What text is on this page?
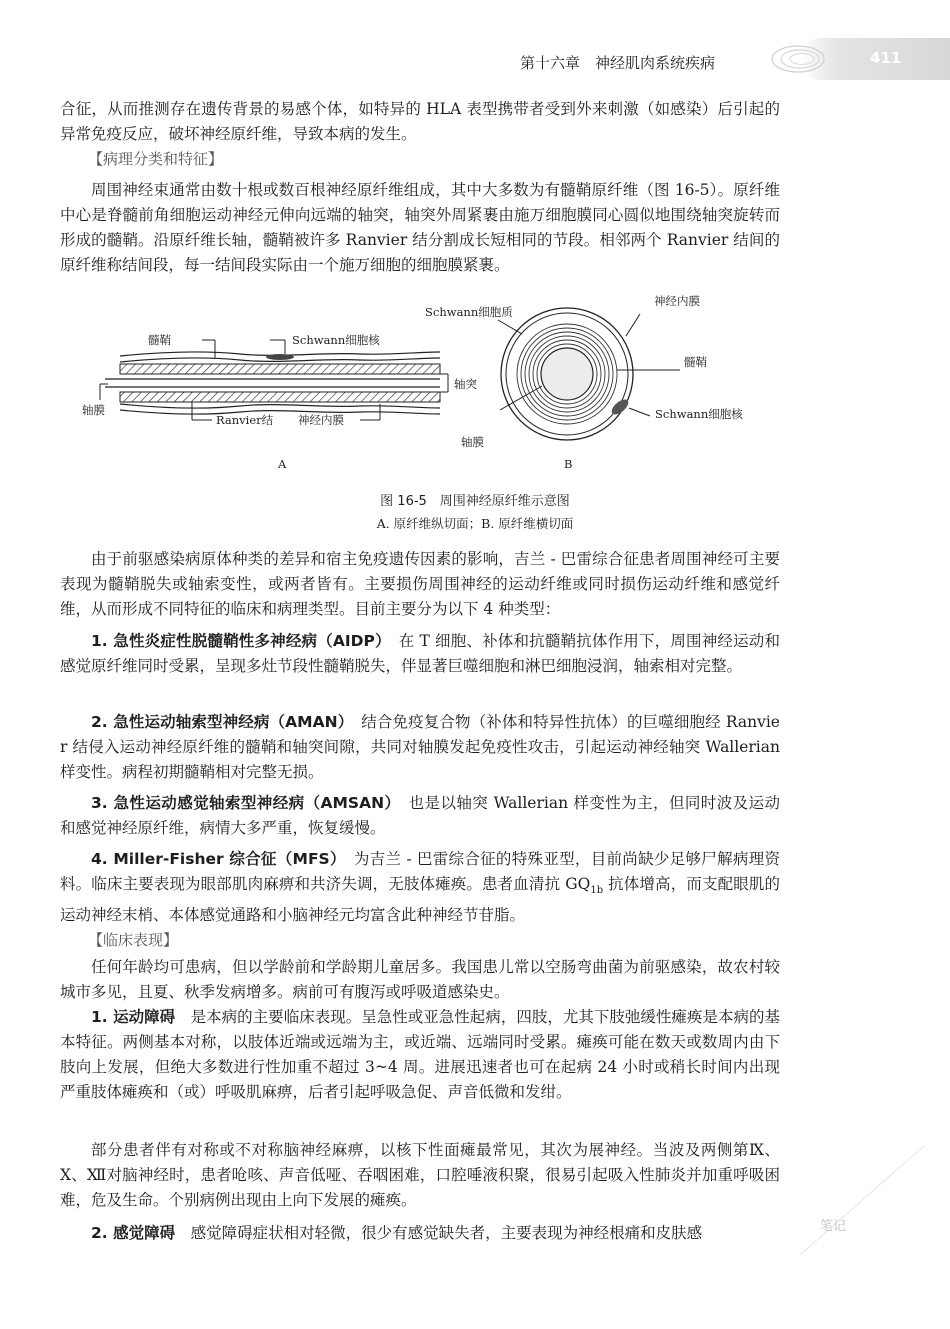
第十六章　神经肌肉系统疾病	411

合征，从而推测存在遗传背景的易感个体，如特异的 HLA 表型携带者受到外来刺激（如感染）后引起的异常免疫反应，破坏神经原纤维，导致本病的发生。

【病理分类和特征】

周围神经束通常由数十根或数百根神经原纤维组成，其中大多数为有髓鞘原纤维（图 16-5）。原纤维中心是脊髓前角细胞运动神经元伸向远端的轴突，轴突外周紧裹由施万细胞膜同心圆似地围绕轴突旋转而形成的髓鞘。沿原纤维长轴，髓鞘被许多 Ranvier 结分割成长短相同的节段。相邻两个 Ranvier 结间的原纤维称结间段，每一结间段实际由一个施万细胞的细胞膜紧裹。

髓鞘	Schwann细胞核
轴突
轴膜
Ranvier结 神经内膜
A
Schwann细胞质
神经内膜
髓鞘
Schwann细胞核
轴膜
B
图 16-5　周围神经原纤维示意图
A. 原纤维纵切面；B. 原纤维横切面

由于前驱感染病原体种类的差异和宿主免疫遗传因素的影响，吉兰 - 巴雷综合征患者周围神经可主要表现为髓鞘脱失或轴索变性，或两者皆有。主要损伤周围神经的运动纤维或同时损伤运动纤维和感觉纤维，从而形成不同特征的临床和病理类型。目前主要分为以下 4 种类型：

1. 急性炎症性脱髓鞘性多神经病（AIDP）　 在 T 细胞、补体和抗髓鞘抗体作用下，周围神经运动和感觉原纤维同时受累，呈现多灶节段性髓鞘脱失，伴显著巨噬细胞和淋巴细胞浸润，轴索相对完整。

2. 急性运动轴索型神经病（AMAN）　 结合免疫复合物（补体和特异性抗体）的巨噬细胞经 Ranvier 结侵入运动神经原纤维的髓鞘和轴突间隙，共同对轴膜发起免疫性攻击，引起运动神经轴突 Wallerian 样变性。病程初期髓鞘相对完整无损。

3. 急性运动感觉轴索型神经病（AMSAN）　 也是以轴突 Wallerian 样变性为主，但同时波及运动和感觉神经原纤维，病情大多严重，恢复缓慢。

4. Miller-Fisher 综合征（MFS）　 为吉兰 - 巴雷综合征的特殊亚型，目前尚缺少足够尸解病理资料。临床主要表现为眼部肌肉麻痹和共济失调，无肢体瘫痪。患者血清抗 $GQ_{1b}$ 抗体增高，而支配眼肌的运动神经末梢、本体感觉通路和小脑神经元均富含此种神经节苷脂。

【临床表现】

任何年龄均可患病，但以学龄前和学龄期儿童居多。我国患儿常以空肠弯曲菌为前驱感染，故农村较城市多见，且夏、秋季发病增多。病前可有腹泻或呼吸道感染史。

1. 运动障碍　 是本病的主要临床表现。呈急性或亚急性起病，四肢，尤其下肢弛缓性瘫痪是本病的基本特征。两侧基本对称，以肢体近端或远端为主，或近端、远端同时受累。瘫痪可能在数天或数周内由下肢向上发展，但绝大多数进行性加重不超过 3~4 周。进展迅速者也可在起病 24 小时或稍长时间内出现严重肢体瘫痪和（或）呼吸肌麻痹，后者引起呼吸急促、声音低微和发绀。

部分患者伴有对称或不对称脑神经麻痹，以核下性面瘫最常见，其次为展神经。当波及两侧第Ⅸ、Ⅹ、Ⅻ对脑神经时，患者呛咳、声音低哑、吞咽困难，口腔唾液积聚，很易引起吸入性肺炎并加重呼吸困难，危及生命。个别病例出现由上向下发展的瘫痪。

2. 感觉障碍　 感觉障碍症状相对轻微，很少有感觉缺失者，主要表现为神经根痛和皮肤感	笔记
